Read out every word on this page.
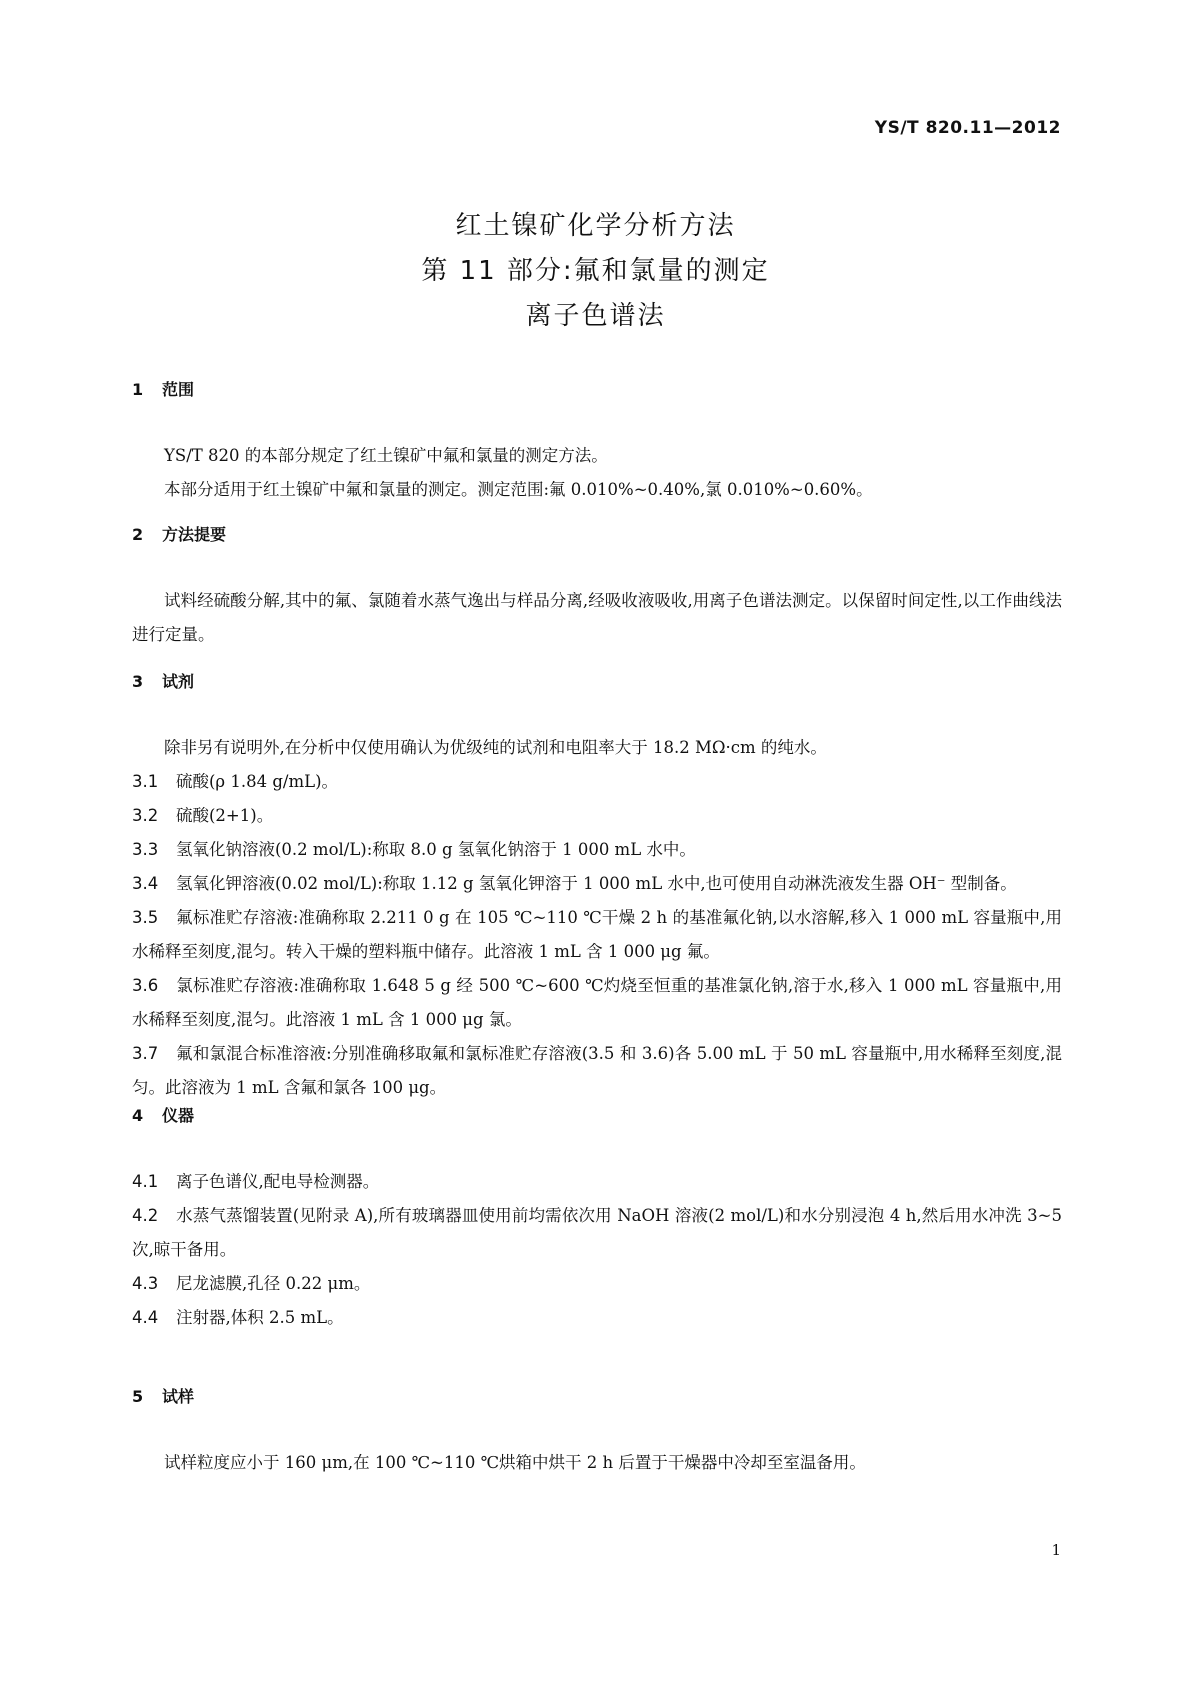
YS/T 820.11—2012
红土镍矿化学分析方法
第 11 部分:氟和氯量的测定
离子色谱法
1 范围
YS/T 820 的本部分规定了红土镍矿中氟和氯量的测定方法。
本部分适用于红土镍矿中氟和氯量的测定。测定范围:氟 0.010%~0.40%,氯 0.010%~0.60%。
2 方法提要
试料经硫酸分解,其中的氟、氯随着水蒸气逸出与样品分离,经吸收液吸收,用离子色谱法测定。以保留时间定性,以工作曲线法进行定量。
3 试剂
除非另有说明外,在分析中仅使用确认为优级纯的试剂和电阻率大于 18.2 MΩ·cm 的纯水。
3.1 硫酸(ρ 1.84 g/mL)。
3.2 硫酸(2+1)。
3.3 氢氧化钠溶液(0.2 mol/L):称取 8.0 g 氢氧化钠溶于 1 000 mL 水中。
3.4 氢氧化钾溶液(0.02 mol/L):称取 1.12 g 氢氧化钾溶于 1 000 mL 水中,也可使用自动淋洗液发生器 OH⁻ 型制备。
3.5 氟标准贮存溶液:准确称取 2.211 0 g 在 105 ℃~110 ℃干燥 2 h 的基准氟化钠,以水溶解,移入 1 000 mL 容量瓶中,用水稀释至刻度,混匀。转入干燥的塑料瓶中储存。此溶液 1 mL 含 1 000 μg 氟。
3.6 氯标准贮存溶液:准确称取 1.648 5 g 经 500 ℃~600 ℃灼烧至恒重的基准氯化钠,溶于水,移入 1 000 mL 容量瓶中,用水稀释至刻度,混匀。此溶液 1 mL 含 1 000 μg 氯。
3.7 氟和氯混合标准溶液:分别准确移取氟和氯标准贮存溶液(3.5 和 3.6)各 5.00 mL 于 50 mL 容量瓶中,用水稀释至刻度,混匀。此溶液为 1 mL 含氟和氯各 100 μg。
4 仪器
4.1 离子色谱仪,配电导检测器。
4.2 水蒸气蒸馏装置(见附录 A),所有玻璃器皿使用前均需依次用 NaOH 溶液(2 mol/L)和水分别浸泡 4 h,然后用水冲洗 3~5 次,晾干备用。
4.3 尼龙滤膜,孔径 0.22 μm。
4.4 注射器,体积 2.5 mL。
5 试样
试样粒度应小于 160 μm,在 100 ℃~110 ℃烘箱中烘干 2 h 后置于干燥器中冷却至室温备用。
1
